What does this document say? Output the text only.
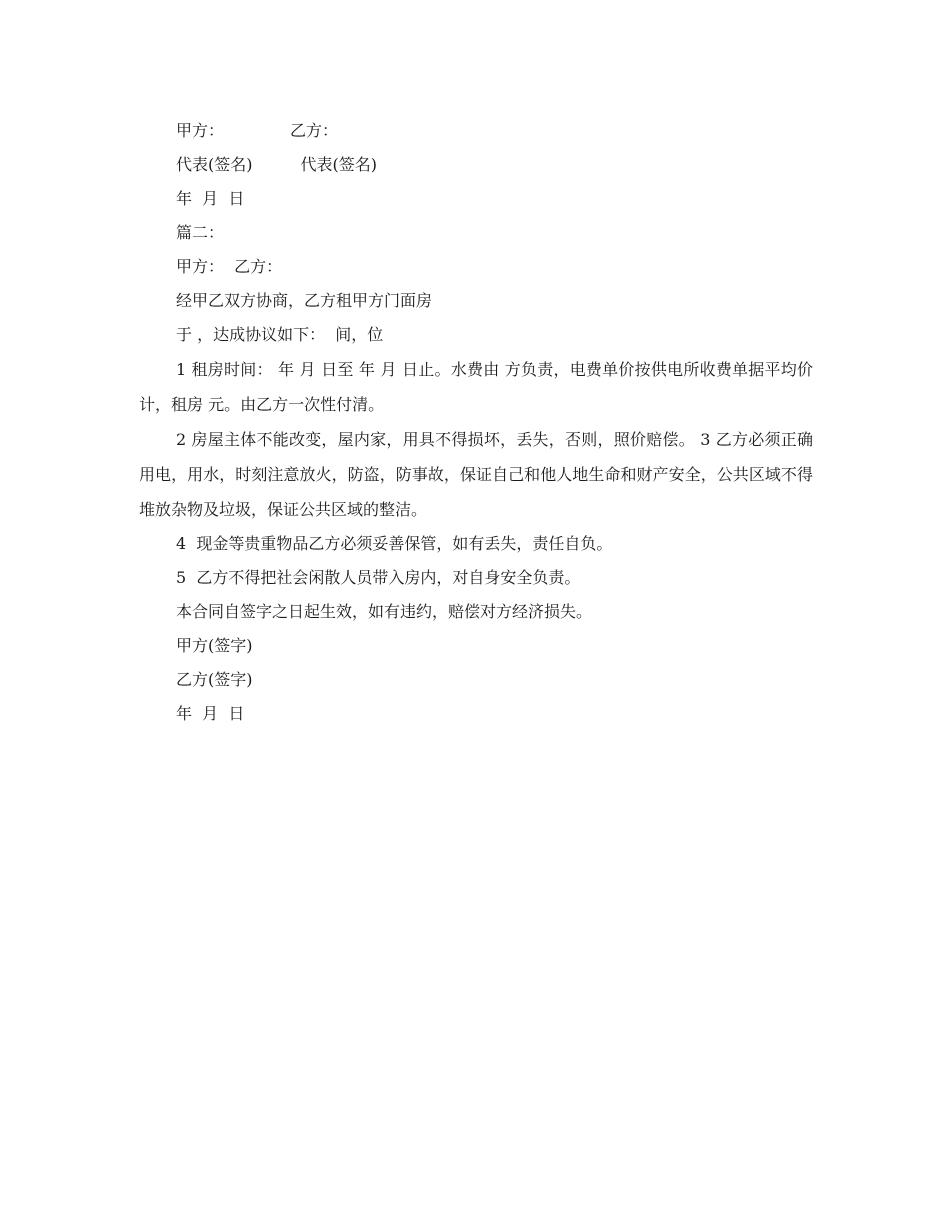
甲方：	乙方：
代表(签名)	代表(签名)
年  月  日
篇二：
甲方：  乙方：
经甲乙双方协商，乙方租甲方门面房
于 ，达成协议如下：  间，位
1 租房时间： 年 月 日至 年 月 日止。水费由 方负责，电费单价按供电所收费单据平均价计，租房 元。由乙方一次性付清。
2 房屋主体不能改变，屋内家，用具不得损坏，丢失，否则，照价赔偿。 3 乙方必须正确用电，用水，时刻注意放火，防盗，防事故，保证自己和他人地生命和财产安全，公共区域不得堆放杂物及垃圾，保证公共区域的整洁。
4  现金等贵重物品乙方必须妥善保管，如有丢失，责任自负。
5  乙方不得把社会闲散人员带入房内，对自身安全负责。
本合同自签字之日起生效，如有违约，赔偿对方经济损失。
甲方(签字)
乙方(签字)
年  月  日
